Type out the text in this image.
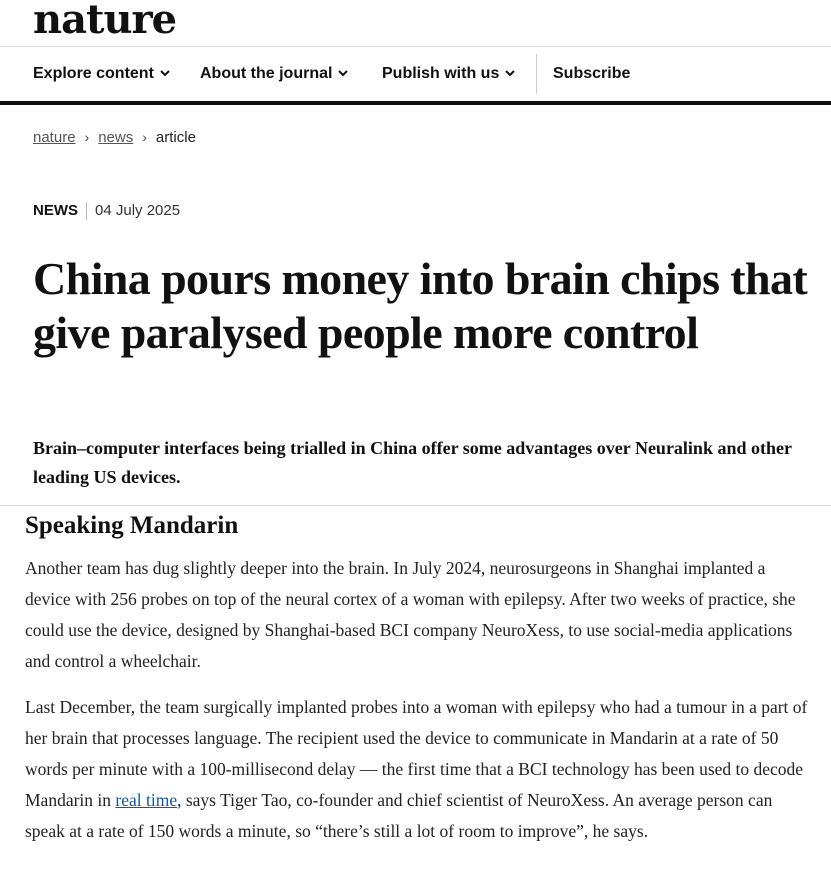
nature
Explore content	About the journal	Publish with us	Subscribe
nature › news › article
NEWS 04 July 2025
China pours money into brain chips that give paralysed people more control

Brain–computer interfaces being trialled in China offer some advantages over Neuralink and other leading US devices.

Speaking Mandarin

Another team has dug slightly deeper into the brain. In July 2024, neurosurgeons in Shanghai implanted a device with 256 probes on top of the neural cortex of a woman with epilepsy. After two weeks of practice, she could use the device, designed by Shanghai-based BCI company NeuroXess, to use social-media applications and control a wheelchair.

Last December, the team surgically implanted probes into a woman with epilepsy who had a tumour in a part of her brain that processes language. The recipient used the device to communicate in Mandarin at a rate of 50 words per minute with a 100-millisecond delay — the first time that a BCI technology has been used to decode Mandarin in real time, says Tiger Tao, co-founder and chief scientist of NeuroXess. An average person can speak at a rate of 150 words a minute, so “there’s still a lot of room to improve”, he says.
